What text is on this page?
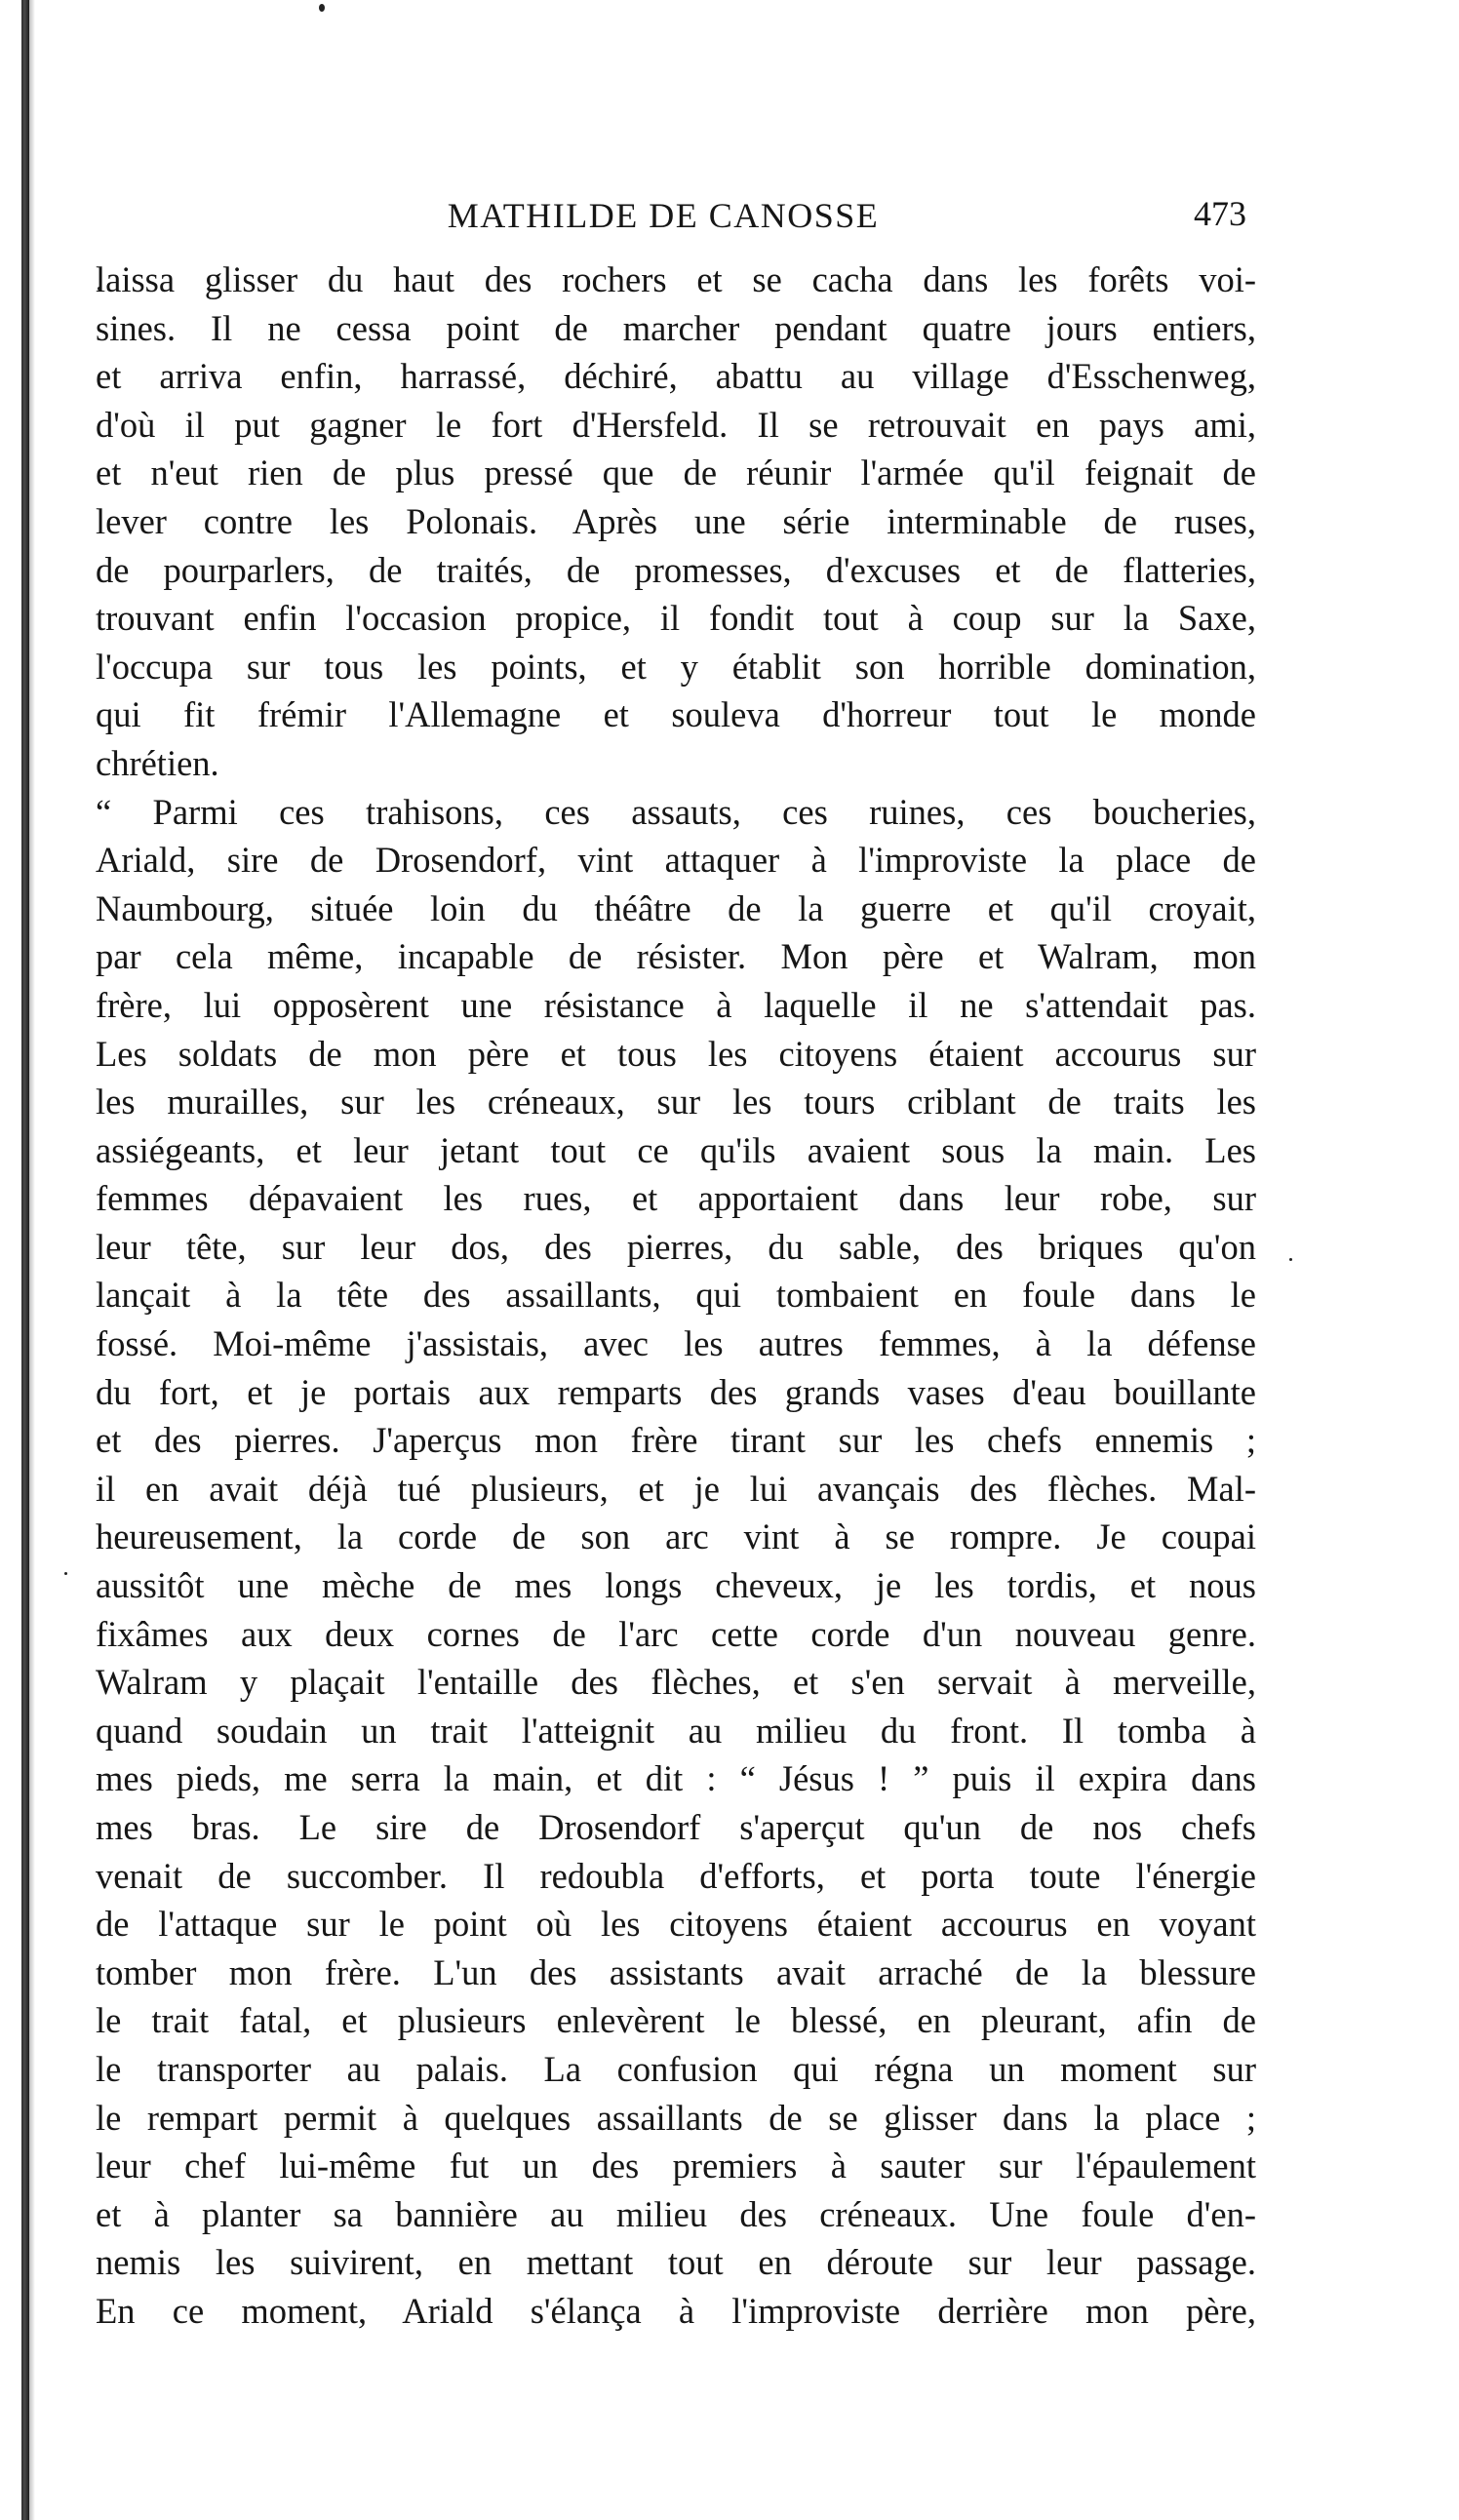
MATHILDE DE CANOSSE	473
laissa glisser du haut des rochers et se cacha dans les forêts voi-
sines. Il ne cessa point de marcher pendant quatre jours entiers,
et arriva enfin, harrassé, déchiré, abattu au village d'Esschenweg,
d'où il put gagner le fort d'Hersfeld. Il se retrouvait en pays ami,
et n'eut rien de plus pressé que de réunir l'armée qu'il feignait de
lever contre les Polonais. Après une série interminable de ruses,
de pourparlers, de traités, de promesses, d'excuses et de flatteries,
trouvant enfin l'occasion propice, il fondit tout à coup sur la Saxe,
l'occupa sur tous les points, et y établit son horrible domination,
qui fit frémir l'Allemagne et souleva d'horreur tout le monde
chrétien.
“ Parmi ces trahisons, ces assauts, ces ruines, ces boucheries,
Ariald, sire de Drosendorf, vint attaquer à l'improviste la place de
Naumbourg, située loin du théâtre de la guerre et qu'il croyait,
par cela même, incapable de résister. Mon père et Walram, mon
frère, lui opposèrent une résistance à laquelle il ne s'attendait pas.
Les soldats de mon père et tous les citoyens étaient accourus sur
les murailles, sur les créneaux, sur les tours criblant de traits les
assiégeants, et leur jetant tout ce qu'ils avaient sous la main. Les
femmes dépavaient les rues, et apportaient dans leur robe, sur
leur tête, sur leur dos, des pierres, du sable, des briques qu'on
lançait à la tête des assaillants, qui tombaient en foule dans le
fossé. Moi-même j'assistais, avec les autres femmes, à la défense
du fort, et je portais aux remparts des grands vases d'eau bouillante
et des pierres. J'aperçus mon frère tirant sur les chefs ennemis ;
il en avait déjà tué plusieurs, et je lui avançais des flèches. Mal-
heureusement, la corde de son arc vint à se rompre. Je coupai
aussitôt une mèche de mes longs cheveux, je les tordis, et nous
fixâmes aux deux cornes de l'arc cette corde d'un nouveau genre.
Walram y plaçait l'entaille des flèches, et s'en servait à merveille,
quand soudain un trait l'atteignit au milieu du front. Il tomba à
mes pieds, me serra la main, et dit : “ Jésus ! ” puis il expira dans
mes bras. Le sire de Drosendorf s'aperçut qu'un de nos chefs
venait de succomber. Il redoubla d'efforts, et porta toute l'énergie
de l'attaque sur le point où les citoyens étaient accourus en voyant
tomber mon frère. L'un des assistants avait arraché de la blessure
le trait fatal, et plusieurs enlevèrent le blessé, en pleurant, afin de
le transporter au palais. La confusion qui régna un moment sur
le rempart permit à quelques assaillants de se glisser dans la place ;
leur chef lui-même fut un des premiers à sauter sur l'épaulement
et à planter sa bannière au milieu des créneaux. Une foule d'en-
nemis les suivirent, en mettant tout en déroute sur leur passage.
En ce moment, Ariald s'élança à l'improviste derrière mon père,
